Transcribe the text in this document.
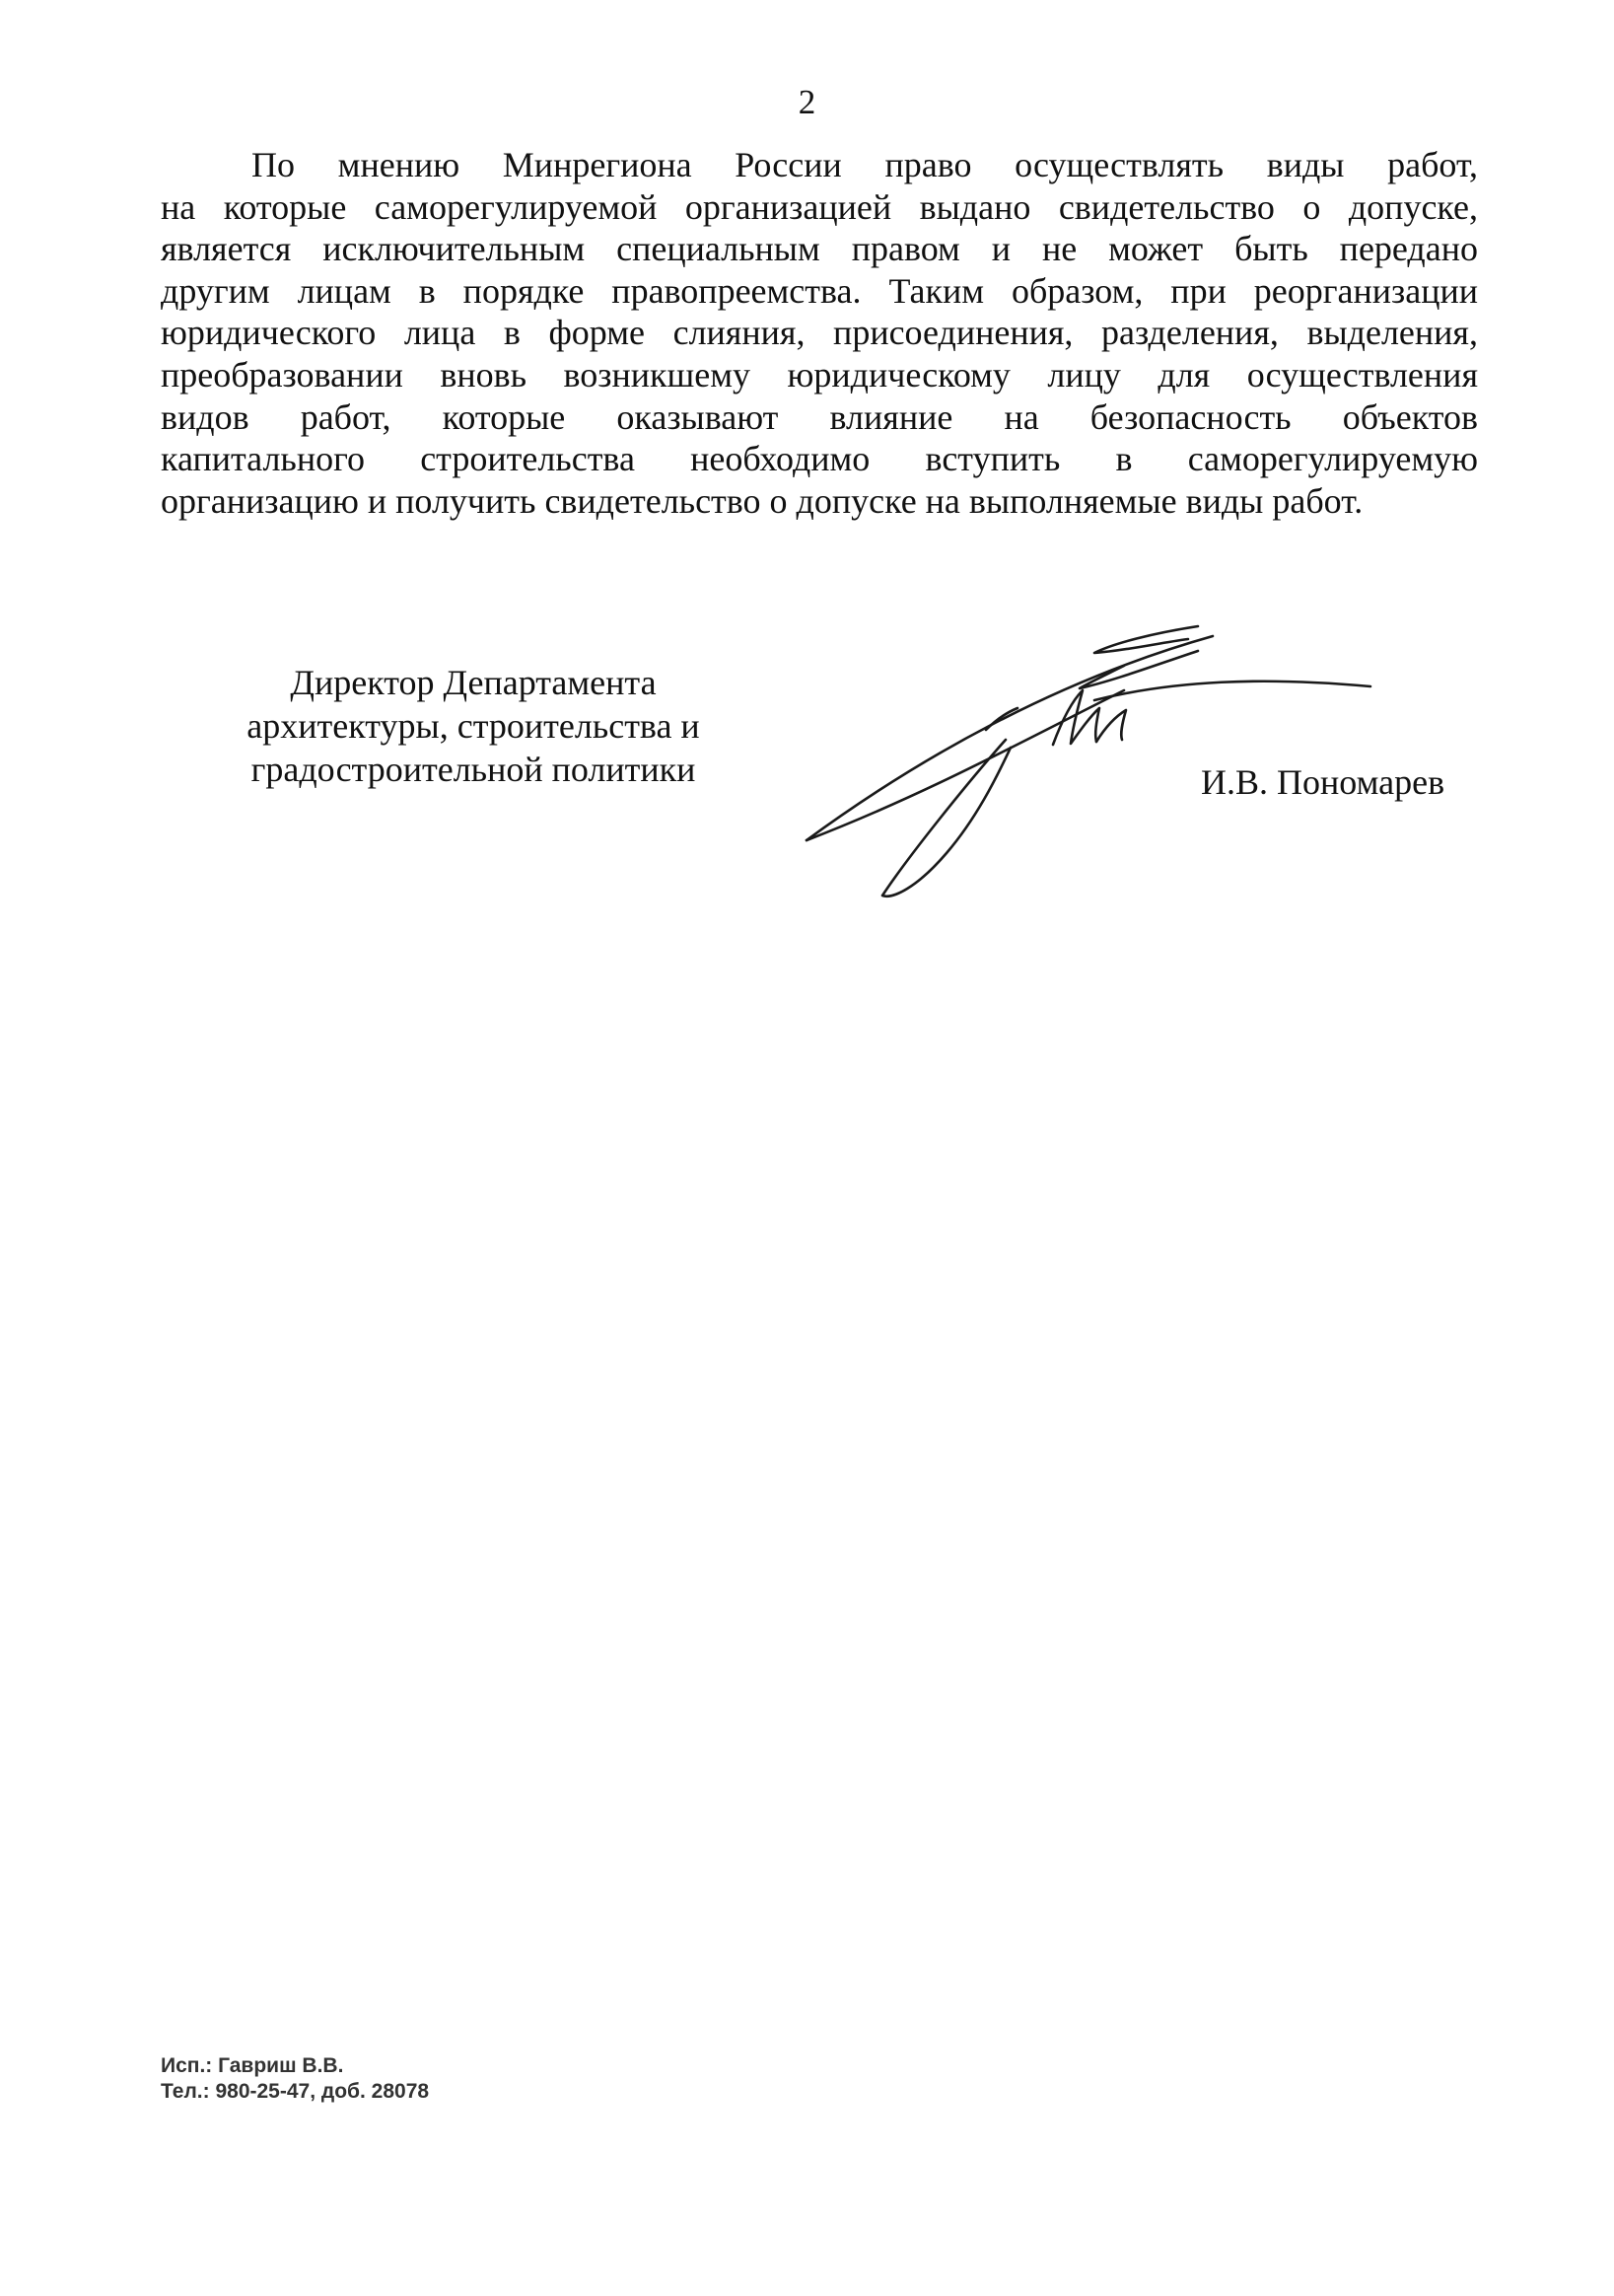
2
По мнению Минрегиона России право осуществлять виды работ,
на которые саморегулируемой организацией выдано свидетельство о допуске,
является исключительным специальным правом и не может быть передано
другим лицам в порядке правопреемства. Таким образом, при реорганизации
юридического лица в форме слияния, присоединения, разделения, выделения,
преобразовании вновь возникшему юридическому лицу для осуществления
видов работ, которые оказывают влияние на безопасность объектов
капитального строительства необходимо вступить в саморегулируемую
организацию и получить свидетельство о допуске на выполняемые виды работ.
Директор Департамента
архитектуры, строительства и
градостроительной политики	И.В. Пономарев
Исп.: Гавриш В.В.
Тел.: 980-25-47, доб. 28078
